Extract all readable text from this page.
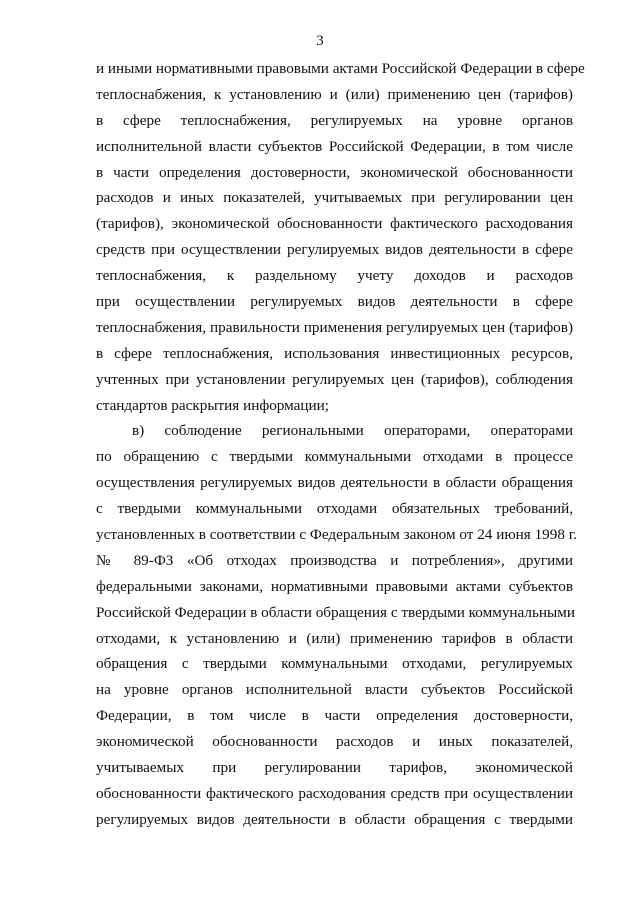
3
и иными нормативными правовыми актами Российской Федерации в сфере
теплоснабжения, к установлению и (или) применению цен (тарифов)
в сфере теплоснабжения, регулируемых на уровне органов
исполнительной власти субъектов Российской Федерации, в том числе
в части определения достоверности, экономической обоснованности
расходов и иных показателей, учитываемых при регулировании цен
(тарифов), экономической обоснованности фактического расходования
средств при осуществлении регулируемых видов деятельности в сфере
теплоснабжения, к раздельному учету доходов и расходов
при осуществлении регулируемых видов деятельности в сфере
теплоснабжения, правильности применения регулируемых цен (тарифов)
в сфере теплоснабжения, использования инвестиционных ресурсов,
учтенных при установлении регулируемых цен (тарифов), соблюдения
стандартов раскрытия информации;
в) соблюдение региональными операторами, операторами
по обращению с твердыми коммунальными отходами в процессе
осуществления регулируемых видов деятельности в области обращения
с твердыми коммунальными отходами обязательных требований,
установленных в соответствии с Федеральным законом от 24 июня 1998 г.
№ 89-ФЗ «Об отходах производства и потребления», другими
федеральными законами, нормативными правовыми актами субъектов
Российской Федерации в области обращения с твердыми коммунальными
отходами, к установлению и (или) применению тарифов в области
обращения с твердыми коммунальными отходами, регулируемых
на уровне органов исполнительной власти субъектов Российской
Федерации, в том числе в части определения достоверности,
экономической обоснованности расходов и иных показателей,
учитываемых при регулировании тарифов, экономической
обоснованности фактического расходования средств при осуществлении
регулируемых видов деятельности в области обращения с твердыми
